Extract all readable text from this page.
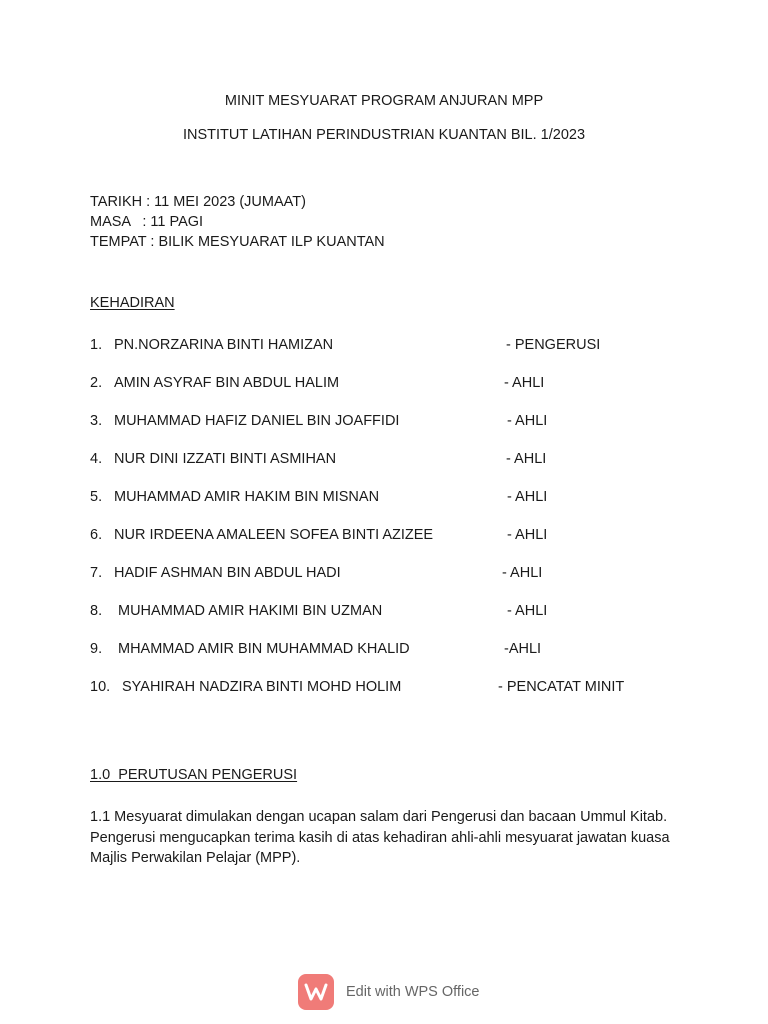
MINIT MESYUARAT PROGRAM ANJURAN MPP
INSTITUT LATIHAN PERINDUSTRIAN KUANTAN BIL. 1/2023
TARIKH : 11 MEI 2023 (JUMAAT)
MASA   : 11 PAGI
TEMPAT : BILIK MESYUARAT ILP KUANTAN
KEHADIRAN
1. PN.NORZARINA BINTI HAMIZAN	- PENGERUSI
2. AMIN ASYRAF BIN ABDUL HALIM	- AHLI
3. MUHAMMAD HAFIZ DANIEL BIN JOAFFIDI	- AHLI
4. NUR DINI IZZATI BINTI ASMIHAN	- AHLI
5. MUHAMMAD AMIR HAKIM BIN MISNAN	- AHLI
6. NUR IRDEENA AMALEEN SOFEA BINTI AZIZEE	- AHLI
7. HADIF ASHMAN BIN ABDUL HADI	- AHLI
8. MUHAMMAD AMIR HAKIMI BIN UZMAN	- AHLI
9. MHAMMAD AMIR BIN MUHAMMAD KHALID	-AHLI
10. SYAHIRAH NADZIRA BINTI MOHD HOLIM	- PENCATAT MINIT
1.0  PERUTUSAN PENGERUSI
1.1 Mesyuarat dimulakan dengan ucapan salam dari Pengerusi dan bacaan Ummul Kitab. Pengerusi mengucapkan terima kasih di atas kehadiran ahli-ahli mesyuarat jawatan kuasa Majlis Perwakilan Pelajar (MPP).
Edit with WPS Office
